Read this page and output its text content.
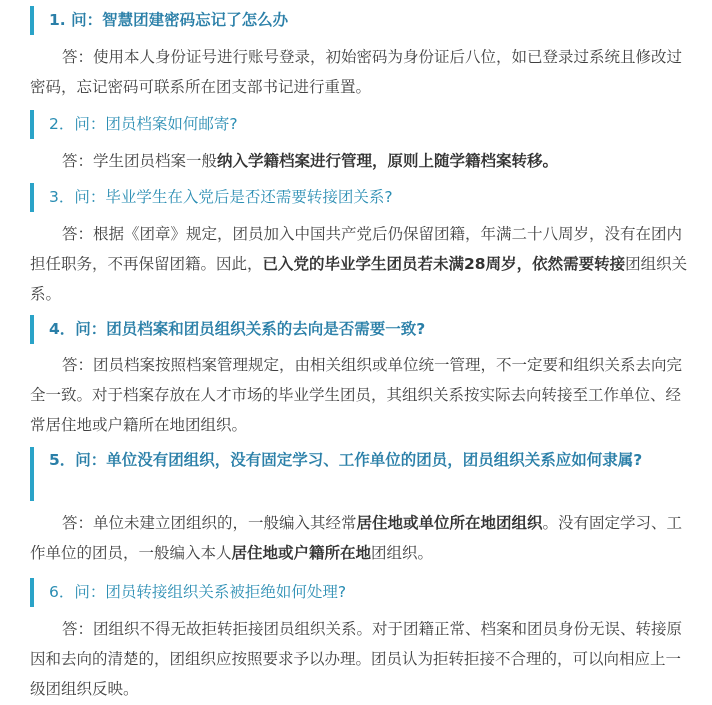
1. 问：智慧团建密码忘记了怎么办
答：使用本人身份证号进行账号登录，初始密码为身份证后八位，如已登录过系统且修改过密码，忘记密码可联系所在团支部书记进行重置。
2．问：团员档案如何邮寄?
答：学生团员档案一般纳入学籍档案进行管理，原则上随学籍档案转移。
3．问：毕业学生在入党后是否还需要转接团关系?
答：根据《团章》规定，团员加入中国共产党后仍保留团籍，年满二十八周岁，没有在团内担任职务，不再保留团籍。因此，已入党的毕业学生团员若未满28周岁，依然需要转接团组织关系。
4．问：团员档案和团员组织关系的去向是否需要一致?
答：团员档案按照档案管理规定，由相关组织或单位统一管理，不一定要和组织关系去向完全一致。对于档案存放在人才市场的毕业学生团员，其组织关系按实际去向转接至工作单位、经常居住地或户籍所在地团组织。
5．问：单位没有团组织，没有固定学习、工作单位的团员，团员组织关系应如何隶属?
答：单位未建立团组织的，一般编入其经常居住地或单位所在地团组织。没有固定学习、工作单位的团员，一般编入本人居住地或户籍所在地团组织。
6．问：团员转接组织关系被拒绝如何处理?
答：团组织不得无故拒转拒接团员组织关系。对于团籍正常、档案和团员身份无误、转接原因和去向的清楚的，团组织应按照要求予以办理。团员认为拒转拒接不合理的，可以向相应上一级团组织反映。
